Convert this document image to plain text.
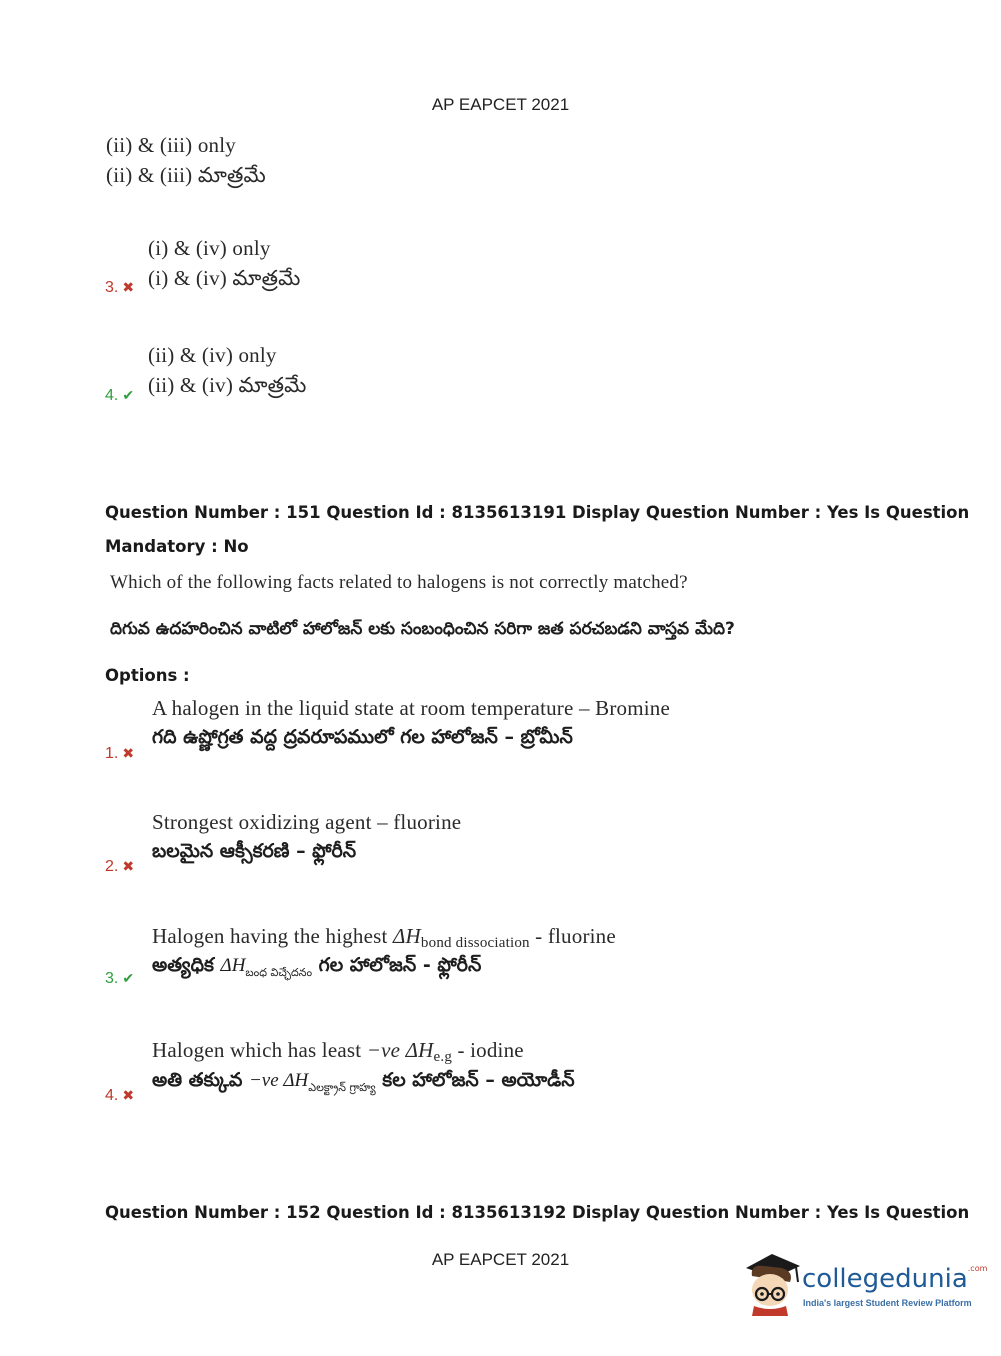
AP EAPCET 2021
(ii) & (iii) only
(ii) & (iii) మాత్రమే
(i) & (iv) only
(i) & (iv) మాత్రమే
3. ✖
(ii) & (iv) only
(ii) & (iv) మాత్రమే
4. ✔
Question Number : 151 Question Id : 8135613191 Display Question Number : Yes Is Question
Mandatory : No
Which of the following facts related to halogens is not correctly matched?
దిగువ ఉదహరించిన వాటిలో హాలోజన్ లకు సంబంధించిన సరిగా జత పరచబడని వాస్తవ మేది?
Options :
A halogen in the liquid state at room temperature – Bromine
గది ఉష్ణోగ్రత వద్ద ద్రవరూపములో గల హాలోజన్ – బ్రోమీన్
1. ✖
Strongest oxidizing agent – fluorine
బలమైన ఆక్సీకరణి – ఫ్లోరీన్
2. ✖
Halogen having the highest $\Delta H_{bond dissociation}$ - fluorine
అత్యధిక $\Delta H_{బంధ విచ్ఛేదనం}$ గల హాలోజన్ - ఫ్లోరీన్
3. ✔
Halogen which has least −ve $\Delta H_{e.g}$ - iodine
అతి తక్కువ −ve $\Delta H_{ఎలక్ట్రాన్ గ్రాహ్య}$ కల హాలోజన్ – అయోడీన్
4. ✖
Question Number : 152 Question Id : 8135613192 Display Question Number : Yes Is Question
AP EAPCET 2021
collegedunia$^{.com}$
India's largest Student Review Platform
